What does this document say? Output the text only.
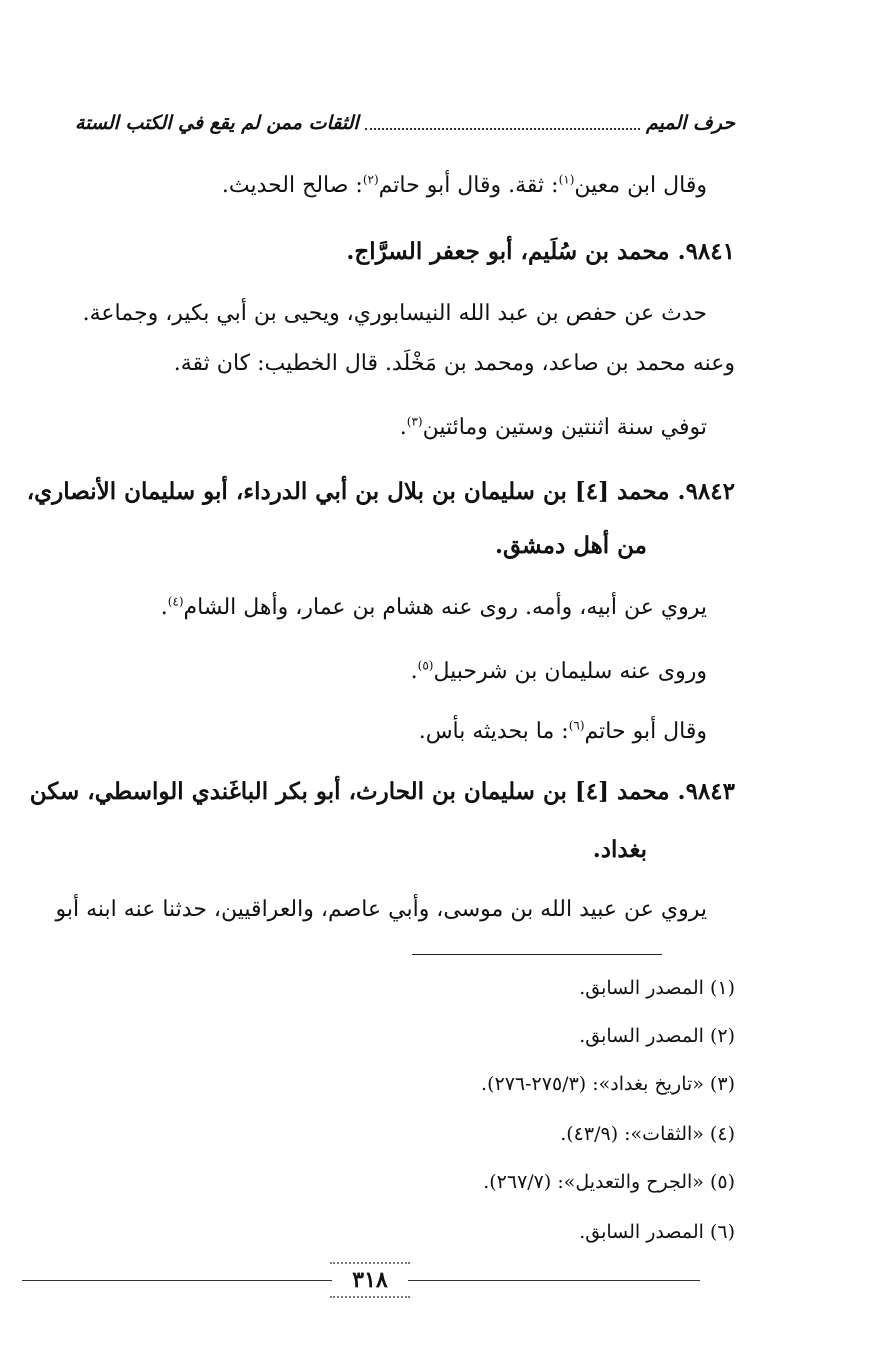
حرف الميم
الثقات ممن لم يقع في الكتب الستة
وقال ابن معين$^{(١)}$: ثقة. وقال أبو حاتم$^{(٢)}$: صالح الحديث.
٩٨٤١. محمد بن سُلَيم، أبو جعفر السرَّاج.
حدث عن حفص بن عبد الله النيسابوري، ويحيى بن أبي بكير، وجماعة.
وعنه محمد بن صاعد، ومحمد بن مَخْلَد. قال الخطيب: كان ثقة.
توفي سنة اثنتين وستين ومائتين$^{(٣)}$.
٩٨٤٢. محمد [٤] بن سليمان بن بلال بن أبي الدرداء، أبو سليمان الأنصاري،
من أهل دمشق.
يروي عن أبيه، وأمه. روى عنه هشام بن عمار، وأهل الشام$^{(٤)}$.
وروى عنه سليمان بن شرحبيل$^{(٥)}$.
وقال أبو حاتم$^{(٦)}$: ما بحديثه بأس.
٩٨٤٣. محمد [٤] بن سليمان بن الحارث، أبو بكر الباغَندي الواسطي، سكن
بغداد.
يروي عن عبيد الله بن موسى، وأبي عاصم، والعراقيين، حدثنا عنه ابنه أبو
(١) المصدر السابق.
(٢) المصدر السابق.
(٣) «تاريخ بغداد»: (٢٧٥/٣-٢٧٦).
(٤) «الثقات»: (٤٣/٩).
(٥) «الجرح والتعديل»: (٢٦٧/٧).
(٦) المصدر السابق.
٣١٨
